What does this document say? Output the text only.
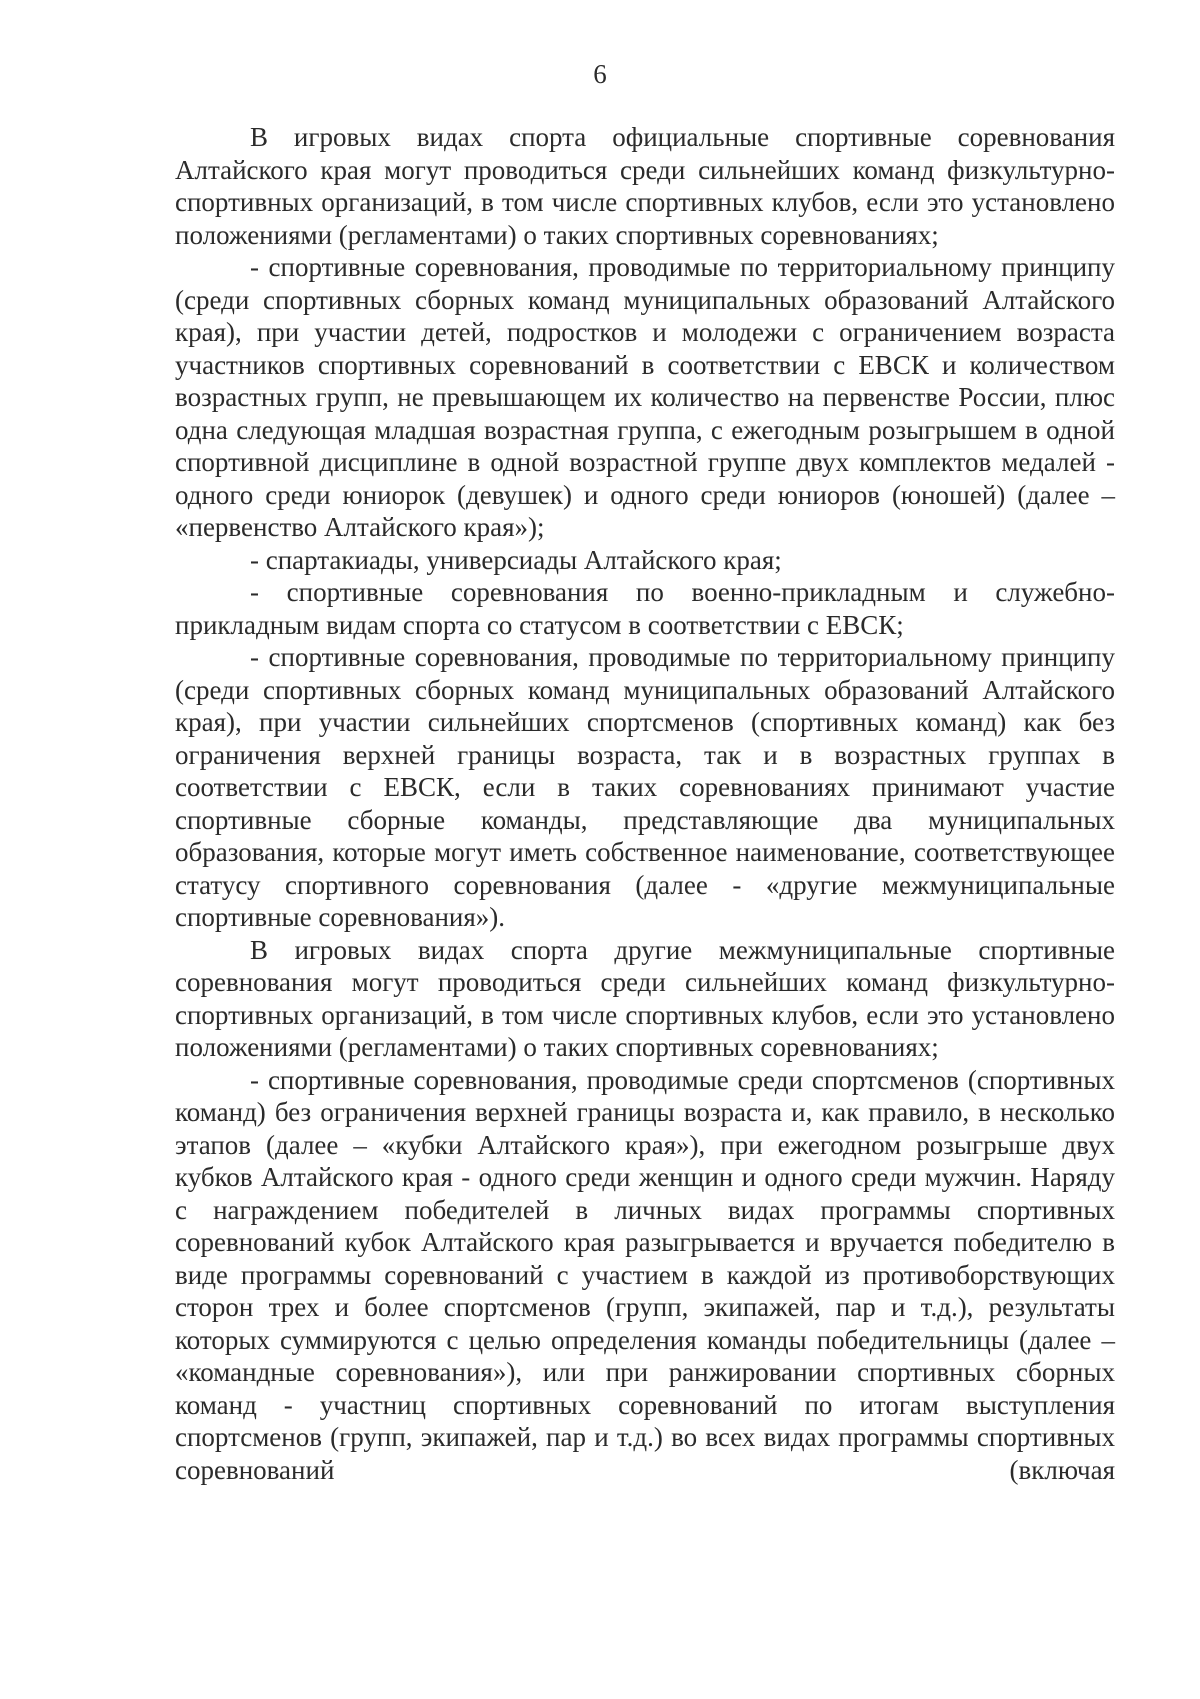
6

В игровых видах спорта официальные спортивные соревнования Алтайского края могут проводиться среди сильнейших команд физкультурно-спортивных организаций, в том числе спортивных клубов, если это установлено положениями (регламентами) о таких спортивных соревнованиях;

- спортивные соревнования, проводимые по территориальному принципу (среди спортивных сборных команд муниципальных образований Алтайского края), при участии детей, подростков и молодежи с ограничением возраста участников спортивных соревнований в соответствии с ЕВСК и количеством возрастных групп, не превышающем их количество на первенстве России, плюс одна следующая младшая возрастная группа, с ежегодным розыгрышем в одной спортивной дисциплине в одной возрастной группе двух комплектов медалей - одного среди юниорок (девушек) и одного среди юниоров (юношей) (далее – «первенство Алтайского края»);

- спартакиады, универсиады Алтайского края;

- спортивные соревнования по военно-прикладным и служебно-прикладным видам спорта со статусом в соответствии с ЕВСК;

- спортивные соревнования, проводимые по территориальному принципу (среди спортивных сборных команд муниципальных образований Алтайского края), при участии сильнейших спортсменов (спортивных команд) как без ограничения верхней границы возраста, так и в возрастных группах в соответствии с ЕВСК, если в таких соревнованиях принимают участие спортивные сборные команды, представляющие два муниципальных образования, которые могут иметь собственное наименование, соответствующее статусу спортивного соревнования (далее - «другие межмуниципальные спортивные соревнования»).

В игровых видах спорта другие межмуниципальные спортивные соревнования могут проводиться среди сильнейших команд физкультурно-спортивных организаций, в том числе спортивных клубов, если это установлено положениями (регламентами) о таких спортивных соревнованиях;

- спортивные соревнования, проводимые среди спортсменов (спортивных команд) без ограничения верхней границы возраста и, как правило, в несколько этапов (далее – «кубки Алтайского края»), при ежегодном розыгрыше двух кубков Алтайского края - одного среди женщин и одного среди мужчин. Наряду с награждением победителей в личных видах программы спортивных соревнований кубок Алтайского края разыгрывается и вручается победителю в виде программы соревнований с участием в каждой из противоборствующих сторон трех и более спортсменов (групп, экипажей, пар и т.д.), результаты которых суммируются с целью определения команды победительницы (далее – «командные соревнования»), или при ранжировании спортивных сборных команд - участниц спортивных соревнований по итогам выступления спортсменов (групп, экипажей, пар и т.д.) во всех видах программы спортивных соревнований (включая
